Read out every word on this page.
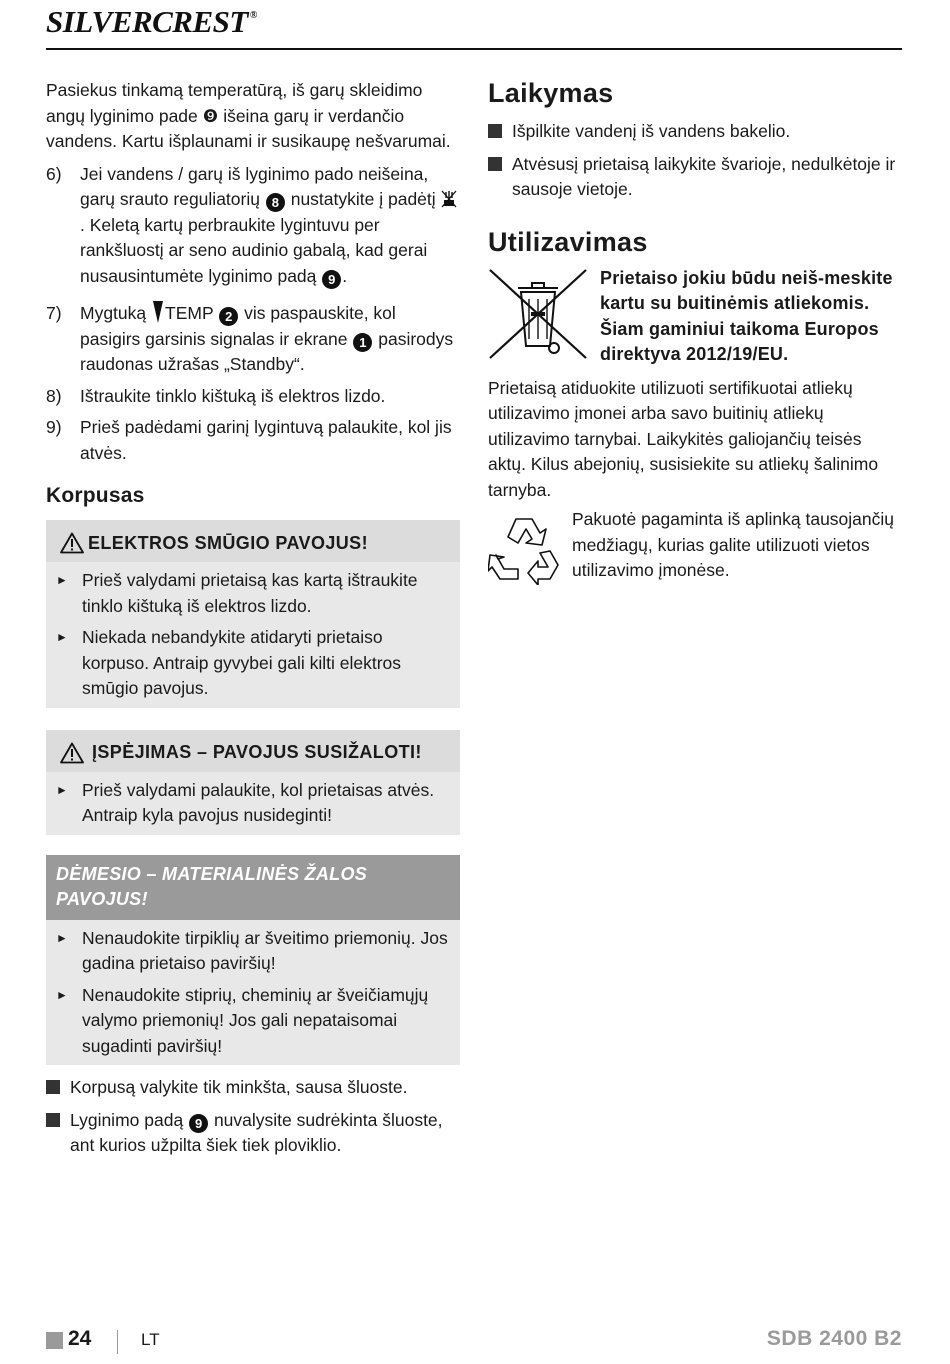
SILVERCREST ®

Pasiekus tinkamą temperatūrą, iš garų skleidimo angų lyginimo pade ❾ išeina garų ir verdančio vandens. Kartu išplaunami ir susikaupę nešvarumai.

6)	Jei vandens / garų iš lyginimo pado neišeina, garų srauto reguliatorių 8 nustatykite į padėtį . Keletą kartų perbraukite lygintuvu per rankšluostį ar seno audinio gabalą, kad gerai nusausintumėte lyginimo padą 9 .
7)	Mygtuką TEMP 2 vis paspauskite, kol pasigirs garsinis signalas ir ekrane 1 pasirodys raudonas užrašas „Standby“.
8)	Ištraukite tinklo kištuką iš elektros lizdo.
9)	Prieš padėdami garinį lygintuvą palaukite, kol jis atvės.
Korpusas
ELEKTROS SMŪGIO PAVOJUS!
► Prieš valydami prietaisą kas kartą ištraukite tinklo kištuką iš elektros lizdo.
► Niekada nebandykite atidaryti prietaiso korpuso. Antraip gyvybei gali kilti elektros smūgio pavojus.
ĮSPĖJIMAS – PAVOJUS SUSIŽALOTI!
► Prieš valydami palaukite, kol prietaisas atvės. Antraip kyla pavojus nusideginti!
DĖMESIO – MATERIALINĖS ŽALOS PAVOJUS!
► Nenaudokite tirpiklių ar šveitimo priemonių. Jos gadina prietaiso paviršių!
► Nenaudokite stiprių, cheminių ar šveičiamųjų valymo priemonių! Jos gali nepataisomai sugadinti paviršių!
Korpusą valykite tik minkšta, sausa šluoste.
Lyginimo padą 9 nuvalysite sudrėkinta šluoste, ant kurios užpilta šiek tiek ploviklio.
Laikymas
Išpilkite vandenį iš vandens bakelio.
Atvėsusį prietaisą laikykite švarioje, nedulkėtoje ir sausoje vietoje.
Utilizavimas

Prietaiso jokiu būdu neiš-meskite kartu su buitinėmis atliekomis. Šiam gaminiui taikoma Europos direktyva 2012/19/EU.

Prietaisą atiduokite utilizuoti sertifikuotai atliekų utilizavimo įmonei arba savo buitinių atliekų utilizavimo tarnybai. Laikykitės galiojančių teisės aktų. Kilus abejonių, susisiekite su atliekų šalinimo tarnyba.

Pakuotė pagaminta iš aplinką tausojančių medžiagų, kurias galite utilizuoti vietos utilizavimo įmonėse.

24	LT	SDB 2400 B2
